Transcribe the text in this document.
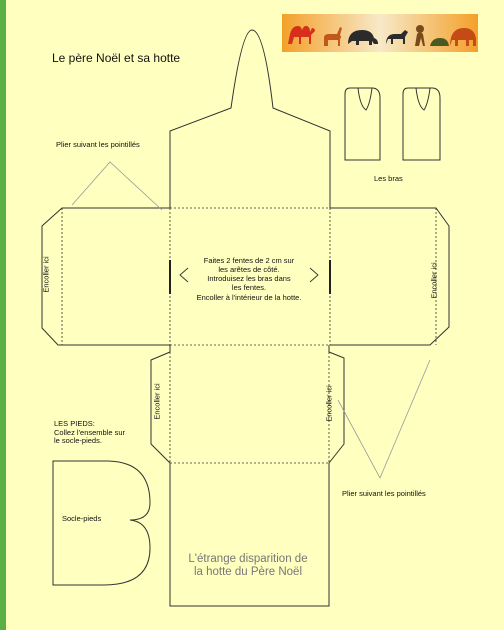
Le père Noël et sa hotte
Plier suivant les pointillés
Les bras
Plier suivant les pointillés
Encoller ici	Encoller ici
Encoller ici	Encoller ici
Faites 2 fentes de 2 cm sur
les arêtes de côté.
Introduisez les bras dans
les fentes.
Encoller à l'intérieur de la hotte.
LES PIEDS:
Collez l'ensemble sur
le socle-pieds.
Socle-pieds
L'étrange disparition de
la hotte du Père Noël
